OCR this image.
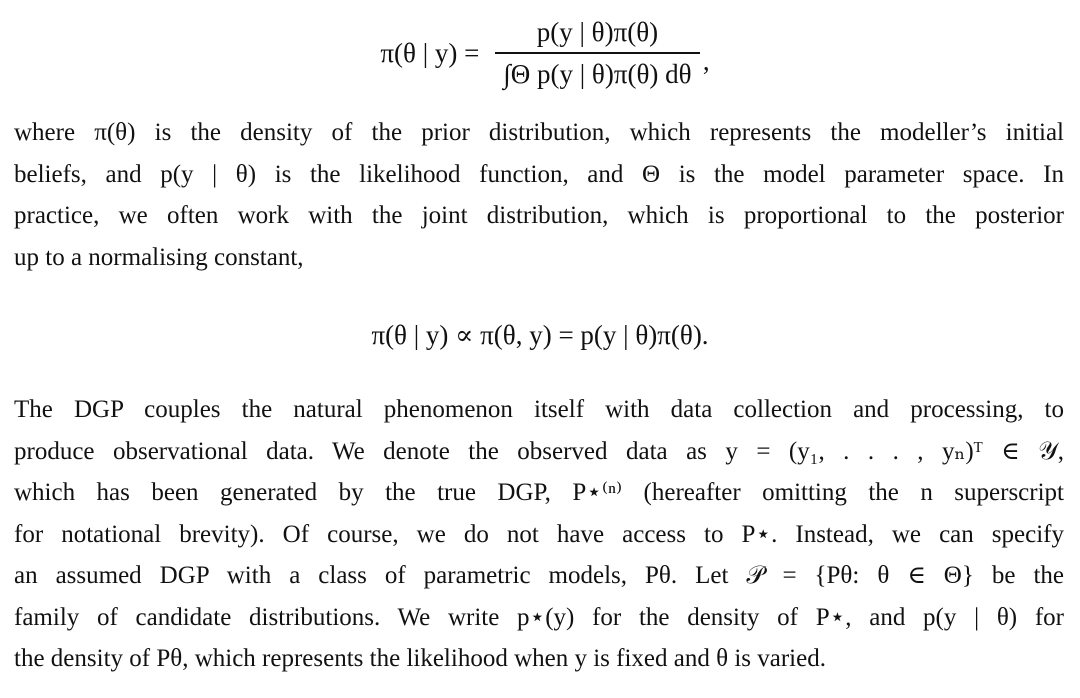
π(θ | y) =
p(y | θ)π(θ)
∫Θ p(y | θ)π(θ) dθ ,
where π(θ) is the density of the prior distribution, which represents the modeller’s initial
beliefs, and p(y | θ) is the likelihood function, and Θ is the model parameter space. In
practice, we often work with the joint distribution, which is proportional to the posterior
up to a normalising constant,
π(θ | y) ∝ π(θ, y) = p(y | θ)π(θ).
The DGP couples the natural phenomenon itself with data collection and processing, to
produce observational data. We denote the observed data as y = (y₁, . . . , yₙ)ᵀ ∈ 𝒴,
which has been generated by the true DGP, P⋆⁽ⁿ⁾ (hereafter omitting the n superscript
for notational brevity). Of course, we do not have access to P⋆. Instead, we can specify
an assumed DGP with a class of parametric models, Pθ. Let 𝒫 = {Pθ: θ ∈ Θ} be the
family of candidate distributions. We write p⋆(y) for the density of P⋆, and p(y | θ) for
the density of Pθ, which represents the likelihood when y is fixed and θ is varied.
